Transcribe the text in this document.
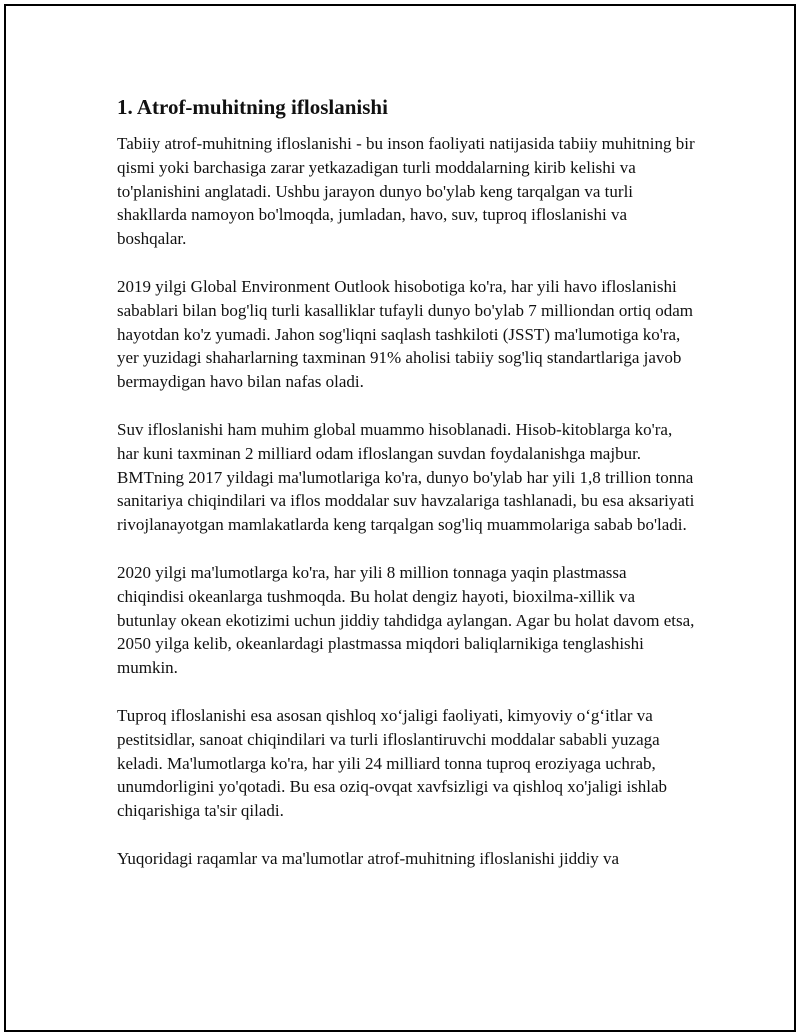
1. Atrof-muhitning ifloslanishi

Tabiiy atrof-muhitning ifloslanishi - bu inson faoliyati natijasida tabiiy muhitning bir qismi yoki barchasiga zarar yetkazadigan turli moddalarning kirib kelishi va to'planishini anglatadi. Ushbu jarayon dunyo bo'ylab keng tarqalgan va turli shakllarda namoyon bo'lmoqda, jumladan, havo, suv, tuproq ifloslanishi va boshqalar.

2019 yilgi Global Environment Outlook hisobotiga ko'ra, har yili havo ifloslanishi sabablari bilan bog'liq turli kasalliklar tufayli dunyo bo'ylab 7 milliondan ortiq odam hayotdan ko'z yumadi. Jahon sog'liqni saqlash tashkiloti (JSST) ma'lumotiga ko'ra, yer yuzidagi shaharlarning taxminan 91% aholisi tabiiy sog'liq standartlariga javob bermaydigan havo bilan nafas oladi.

Suv ifloslanishi ham muhim global muammo hisoblanadi. Hisob-kitoblarga ko'ra, har kuni taxminan 2 milliard odam ifloslangan suvdan foydalanishga majbur. BMTning 2017 yildagi ma'lumotlariga ko'ra, dunyo bo'ylab har yili 1,8 trillion tonna sanitariya chiqindilari va iflos moddalar suv havzalariga tashlanadi, bu esa aksariyati rivojlanayotgan mamlakatlarda keng tarqalgan sog'liq muammolariga sabab bo'ladi.

2020 yilgi ma'lumotlarga ko'ra, har yili 8 million tonnaga yaqin plastmassa chiqindisi okeanlarga tushmoqda. Bu holat dengiz hayoti, bioxilma-xillik va butunlay okean ekotizimi uchun jiddiy tahdidga aylangan. Agar bu holat davom etsa, 2050 yilga kelib, okeanlardagi plastmassa miqdori baliqlarnikiga tenglashishi mumkin.

Tuproq ifloslanishi esa asosan qishloq xo‘jaligi faoliyati, kimyoviy o‘g‘itlar va pestitsidlar, sanoat chiqindilari va turli ifloslantiruvchi moddalar sababli yuzaga keladi. Ma'lumotlarga ko'ra, har yili 24 milliard tonna tuproq eroziyaga uchrab, unumdorligini yo'qotadi. Bu esa oziq-ovqat xavfsizligi va qishloq xo'jaligi ishlab chiqarishiga ta'sir qiladi.

Yuqoridagi raqamlar va ma'lumotlar atrof-muhitning ifloslanishi jiddiy va
